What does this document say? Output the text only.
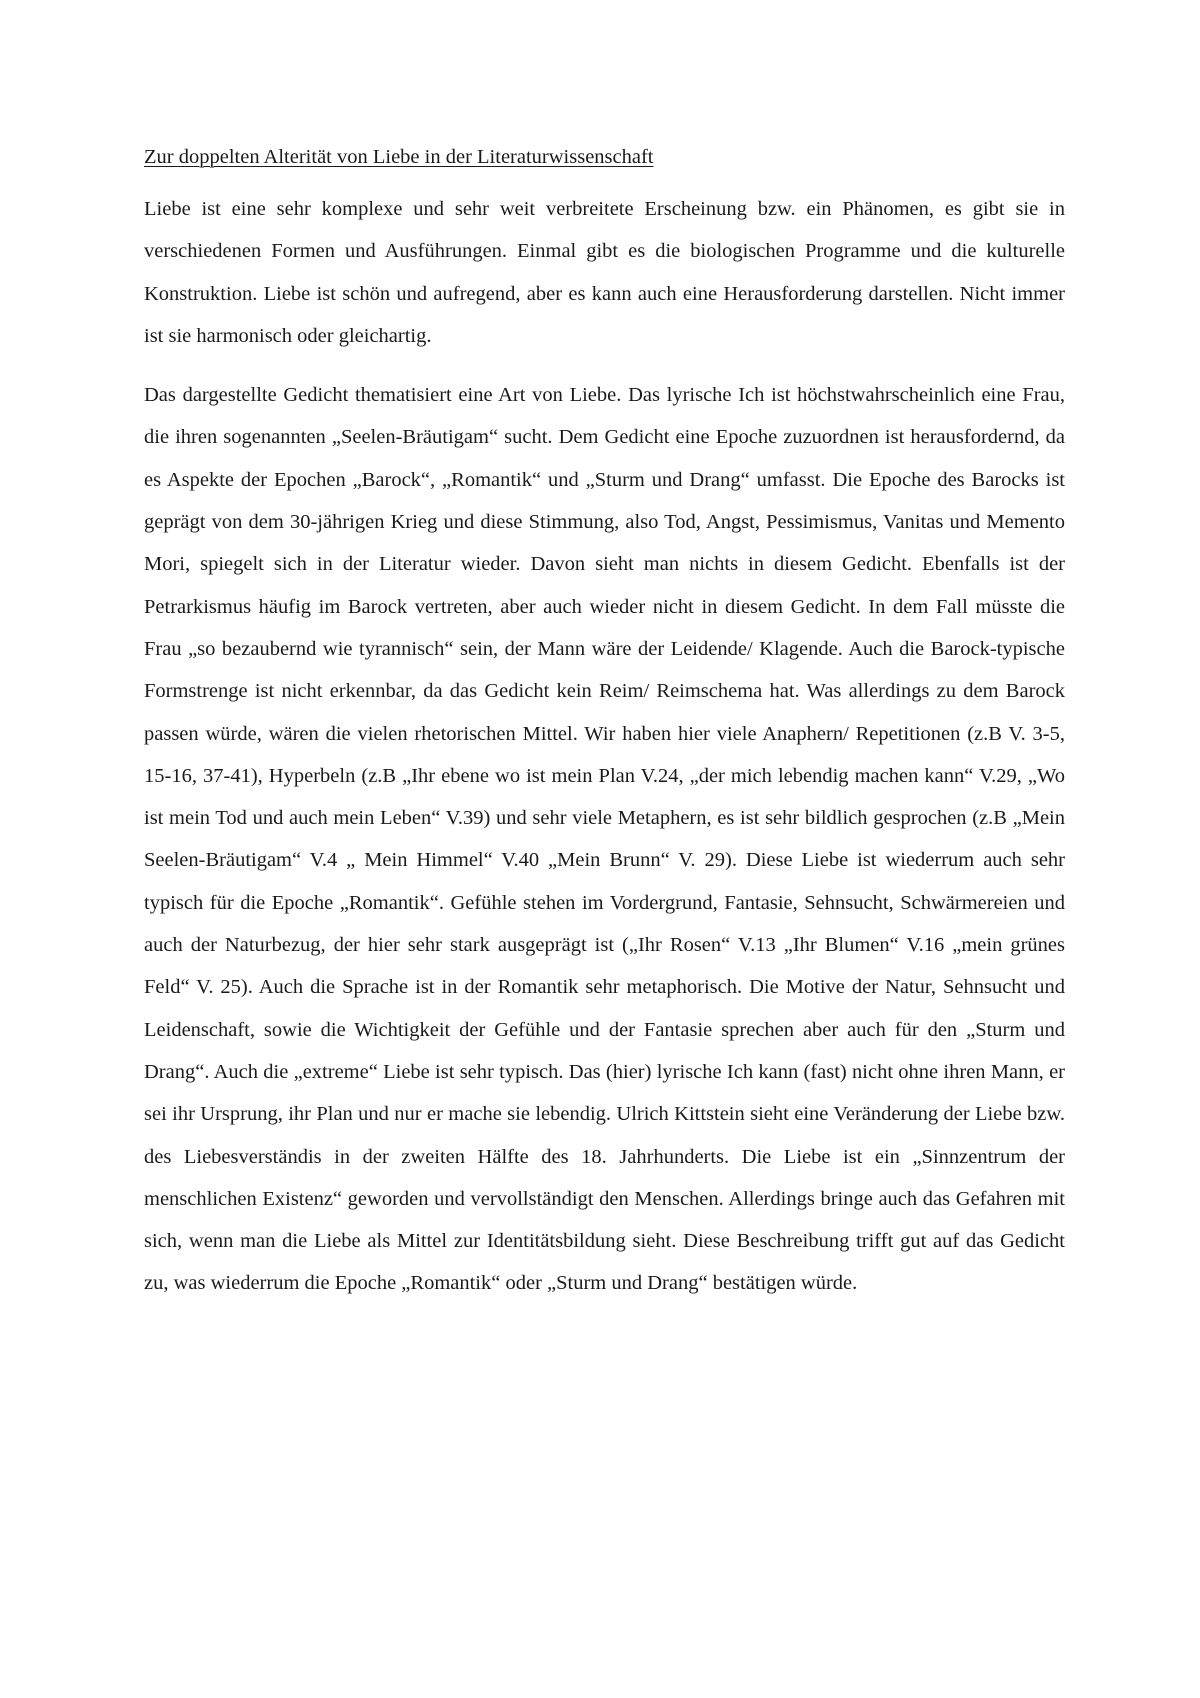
Zur doppelten Alterität von Liebe in der Literaturwissenschaft

Liebe ist eine sehr komplexe und sehr weit verbreitete Erscheinung bzw. ein Phänomen, es gibt sie in verschiedenen Formen und Ausführungen. Einmal gibt es die biologischen Programme und die kulturelle Konstruktion. Liebe ist schön und aufregend, aber es kann auch eine Herausforderung darstellen. Nicht immer ist sie harmonisch oder gleichartig.

Das dargestellte Gedicht thematisiert eine Art von Liebe. Das lyrische Ich ist höchstwahrscheinlich eine Frau, die ihren sogenannten „Seelen-Bräutigam“ sucht. Dem Gedicht eine Epoche zuzuordnen ist herausfordernd, da es Aspekte der Epochen „Barock“, „Romantik“ und „Sturm und Drang“ umfasst. Die Epoche des Barocks ist geprägt von dem 30-jährigen Krieg und diese Stimmung, also Tod, Angst, Pessimismus, Vanitas und Memento Mori, spiegelt sich in der Literatur wieder. Davon sieht man nichts in diesem Gedicht. Ebenfalls ist der Petrarkismus häufig im Barock vertreten, aber auch wieder nicht in diesem Gedicht. In dem Fall müsste die Frau „so bezaubernd wie tyrannisch“ sein, der Mann wäre der Leidende/ Klagende. Auch die Barock-typische Formstrenge ist nicht erkennbar, da das Gedicht kein Reim/ Reimschema hat. Was allerdings zu dem Barock passen würde, wären die vielen rhetorischen Mittel. Wir haben hier viele Anaphern/ Repetitionen (z.B V. 3-5, 15-16, 37-41), Hyperbeln (z.B „Ihr ebene wo ist mein Plan V.24, „der mich lebendig machen kann“ V.29, „Wo ist mein Tod und auch mein Leben“ V.39) und sehr viele Metaphern, es ist sehr bildlich gesprochen (z.B „Mein Seelen-Bräutigam“ V.4 „ Mein Himmel“ V.40 „Mein Brunn“ V. 29). Diese Liebe ist wiederrum auch sehr typisch für die Epoche „Romantik“. Gefühle stehen im Vordergrund, Fantasie, Sehnsucht, Schwärmereien und auch der Naturbezug, der hier sehr stark ausgeprägt ist („Ihr Rosen“ V.13 „Ihr Blumen“ V.16 „mein grünes Feld“ V. 25). Auch die Sprache ist in der Romantik sehr metaphorisch. Die Motive der Natur, Sehnsucht und Leidenschaft, sowie die Wichtigkeit der Gefühle und der Fantasie sprechen aber auch für den „Sturm und Drang“. Auch die „extreme“ Liebe ist sehr typisch. Das (hier) lyrische Ich kann (fast) nicht ohne ihren Mann, er sei ihr Ursprung, ihr Plan und nur er mache sie lebendig. Ulrich Kittstein sieht eine Veränderung der Liebe bzw. des Liebesverständis in der zweiten Hälfte des 18. Jahrhunderts. Die Liebe ist ein „Sinnzentrum der menschlichen Existenz“ geworden und vervollständigt den Menschen. Allerdings bringe auch das Gefahren mit sich, wenn man die Liebe als Mittel zur Identitätsbildung sieht. Diese Beschreibung trifft gut auf das Gedicht zu, was wiederrum die Epoche „Romantik“ oder „Sturm und Drang“ bestätigen würde.
